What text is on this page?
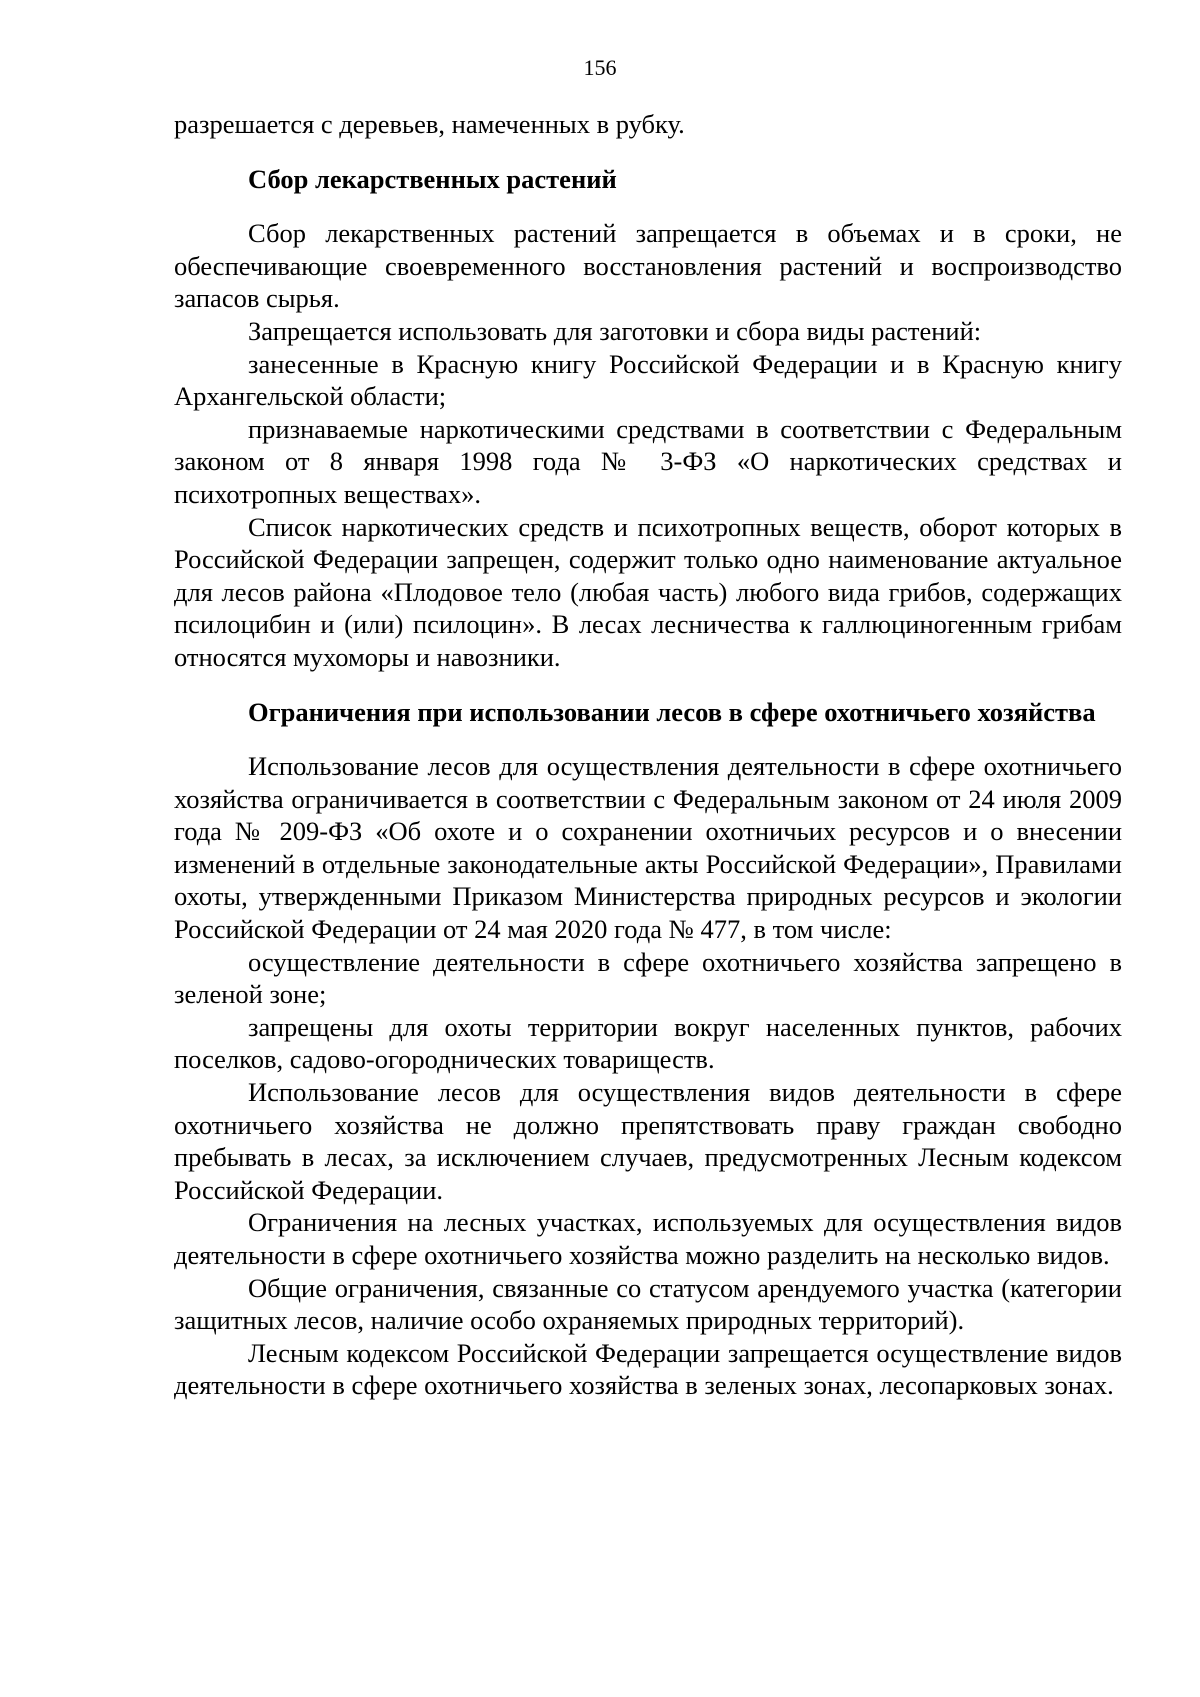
156

разрешается с деревьев, намеченных в рубку.

Сбор лекарственных растений

Сбор лекарственных растений запрещается в объемах и в сроки, не обеспечивающие своевременного восстановления растений и воспроизводство запасов сырья.

Запрещается использовать для заготовки и сбора виды растений:

занесенные в Красную книгу Российской Федерации и в Красную книгу Архангельской области;

признаваемые наркотическими средствами в соответствии с Федеральным законом от 8 января 1998 года № 3-ФЗ «О наркотических средствах и психотропных веществах».

Список наркотических средств и психотропных веществ, оборот которых в Российской Федерации запрещен, содержит только одно наименование актуальное для лесов района «Плодовое тело (любая часть) любого вида грибов, содержащих псилоцибин и (или) псилоцин». В лесах лесничества к галлюциногенным грибам относятся мухоморы и навозники.

Ограничения при использовании лесов в сфере охотничьего хозяйства

Использование лесов для осуществления деятельности в сфере охотничьего хозяйства ограничивается в соответствии с Федеральным законом от 24 июля 2009 года № 209-ФЗ «Об охоте и о сохранении охотничьих ресурсов и о внесении изменений в отдельные законодательные акты Российской Федерации», Правилами охоты, утвержденными Приказом Министерства природных ресурсов и экологии Российской Федерации от 24 мая 2020 года № 477, в том числе:

осуществление деятельности в сфере охотничьего хозяйства запрещено в зеленой зоне;

запрещены для охоты территории вокруг населенных пунктов, рабочих поселков, садово-огороднических товариществ.

Использование лесов для осуществления видов деятельности в сфере охотничьего хозяйства не должно препятствовать праву граждан свободно пребывать в лесах, за исключением случаев, предусмотренных Лесным кодексом Российской Федерации.

Ограничения на лесных участках, используемых для осуществления видов деятельности в сфере охотничьего хозяйства можно разделить на несколько видов.

Общие ограничения, связанные со статусом арендуемого участка (категории защитных лесов, наличие особо охраняемых природных территорий).

Лесным кодексом Российской Федерации запрещается осуществление видов деятельности в сфере охотничьего хозяйства в зеленых зонах, лесопарковых зонах.
